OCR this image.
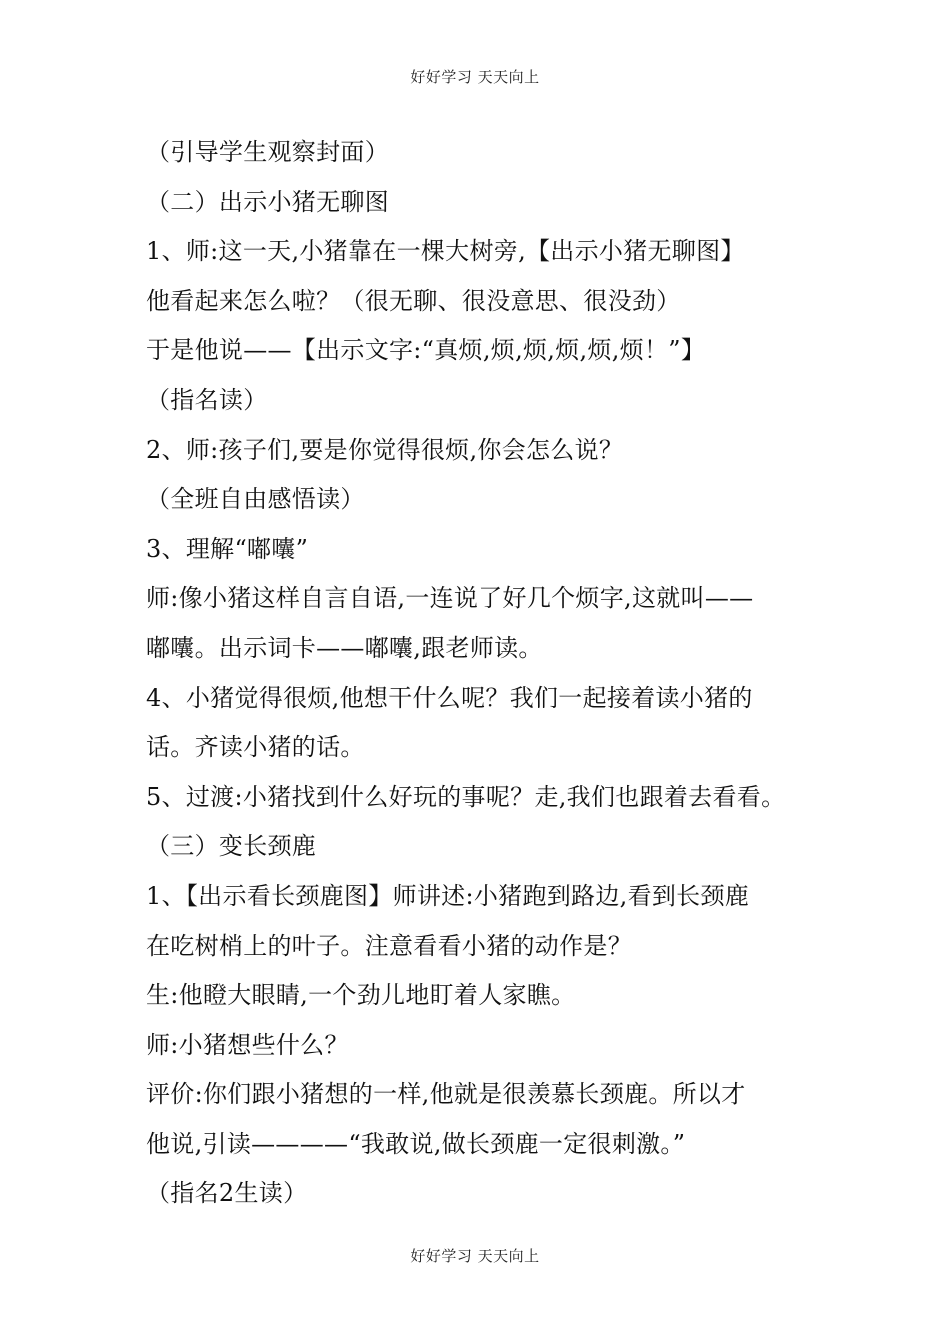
好好学习 天天向上
（引导学生观察封面）
（二）出示小猪无聊图
1、师:这一天,小猪靠在一棵大树旁,【出示小猪无聊图】
他看起来怎么啦？（很无聊、很没意思、很没劲）
于是他说——【出示文字:“真烦,烦,烦,烦,烦,烦！”】
（指名读）
2、师:孩子们,要是你觉得很烦,你会怎么说？
（全班自由感悟读）
3、理解“嘟囔”
师:像小猪这样自言自语,一连说了好几个烦字,这就叫——
嘟囔。出示词卡——嘟囔,跟老师读。
4、小猪觉得很烦,他想干什么呢？我们一起接着读小猪的
话。齐读小猪的话。
5、过渡:小猪找到什么好玩的事呢？走,我们也跟着去看看。
（三）变长颈鹿
1、【出示看长颈鹿图】师讲述:小猪跑到路边,看到长颈鹿
在吃树梢上的叶子。注意看看小猪的动作是？
生:他瞪大眼睛,一个劲儿地盯着人家瞧。
师:小猪想些什么？
评价:你们跟小猪想的一样,他就是很羡慕长颈鹿。所以才
他说,引读————“我敢说,做长颈鹿一定很刺激。”
（指名2生读）
好好学习 天天向上
